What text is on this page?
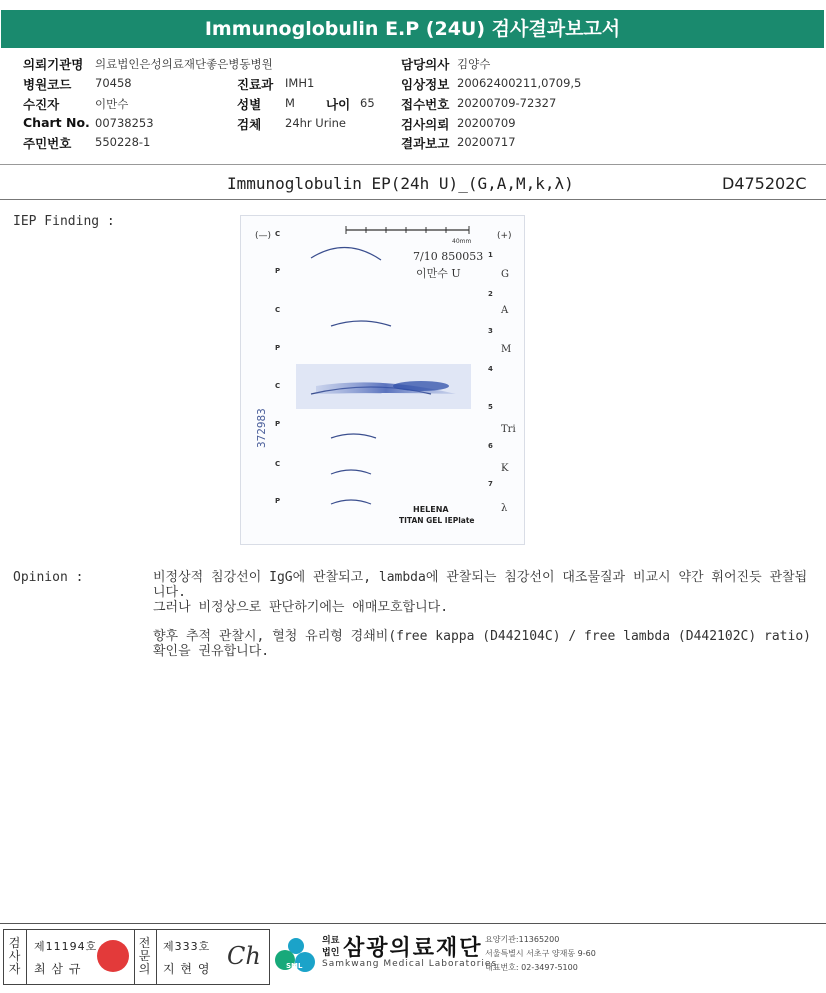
Immunoglobulin E.P (24U) 검사결과보고서
의뢰기관명 의료법인은성의료재단좋은병동병원	담당의사 김양수
병원코드 70458	진료과 IMH1	임상정보 20062400211,0709,5
수진자	이만수	성별 M 나이 65 접수번호 20200709-72327
Chart No. 00738253	검체 24hr Urine	검사의뢰 20200709
주민번호 550228-1	결과보고 20200717
Immunoglobulin EP(24h U)_(G,A,M,k,λ)	D475202C
IEP Finding :
40mm
(—)	(+)
7/10 850053
이만수 U
372983
HELENA
TITAN GEL IEPlate
C
P
C
P
C
P
C
P
1
2
3
4
5
6
7
G
A
M
Tri
K
λ
Opinion :	비정상적 침강선이 IgG에 관찰되고, lambda에 관찰되는 침강선이 대조물질과 비교시 약간 휘어진듯 관찰됩니다.

그러나 비정상으로 판단하기에는 애매모호합니다.

향후 추적 관찰시, 혈청 유리형 경쇄비(free kappa (D442104C) / free lambda (D442102C) ratio)확인을 권유합니다.

검
사
자
제11194호
최 삼 규
전
문
의
제333호
지 현 영 Ch	SML
의료
법인 삼광의료재단
Samkwang Medical Laboratories
요양기관:11365200
서울특별시 서초구 양재동 9-60
대표번호: 02-3497-5100
